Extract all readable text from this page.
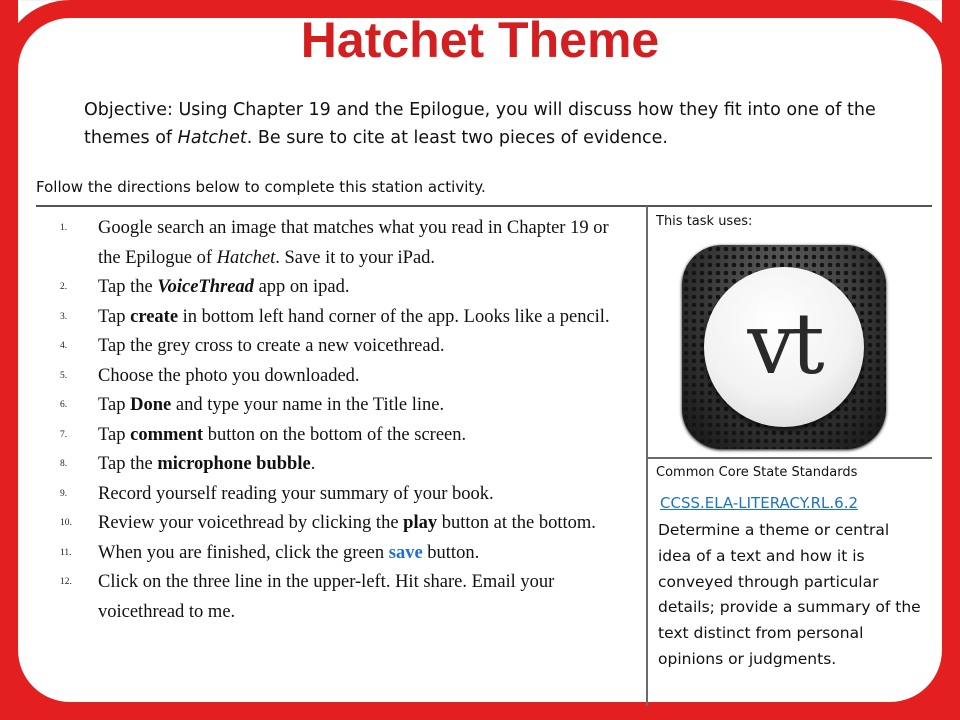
Hatchet Theme
Objective: Using Chapter 19 and the Epilogue, you will discuss how they fit into one of the themes of Hatchet. Be sure to cite at least two pieces of evidence.
Follow the directions below to complete this station activity.
1. Google search an image that matches what you read in Chapter 19 or the Epilogue of Hatchet. Save it to your iPad.
2. Tap the VoiceThread app on ipad.
3. Tap create in bottom left hand corner of the app. Looks like a pencil.
4. Tap the grey cross to create a new voicethread.
5. Choose the photo you downloaded.
6. Tap Done and type your name in the Title line.
7. Tap comment button on the bottom of the screen.
8. Tap the microphone bubble.
9. Record yourself reading your summary of your book.
10. Review your voicethread by clicking the play button at the bottom.
11. When you are finished, click the green save button.
12. Click on the three line in the upper-left. Hit share. Email your voicethread to me.
This task uses:
vt
Common Core State Standards
CCSS.ELA-LITERACY.RL.6.2
Determine a theme or central idea of a text and how it is conveyed through particular details; provide a summary of the text distinct from personal opinions or judgments.
